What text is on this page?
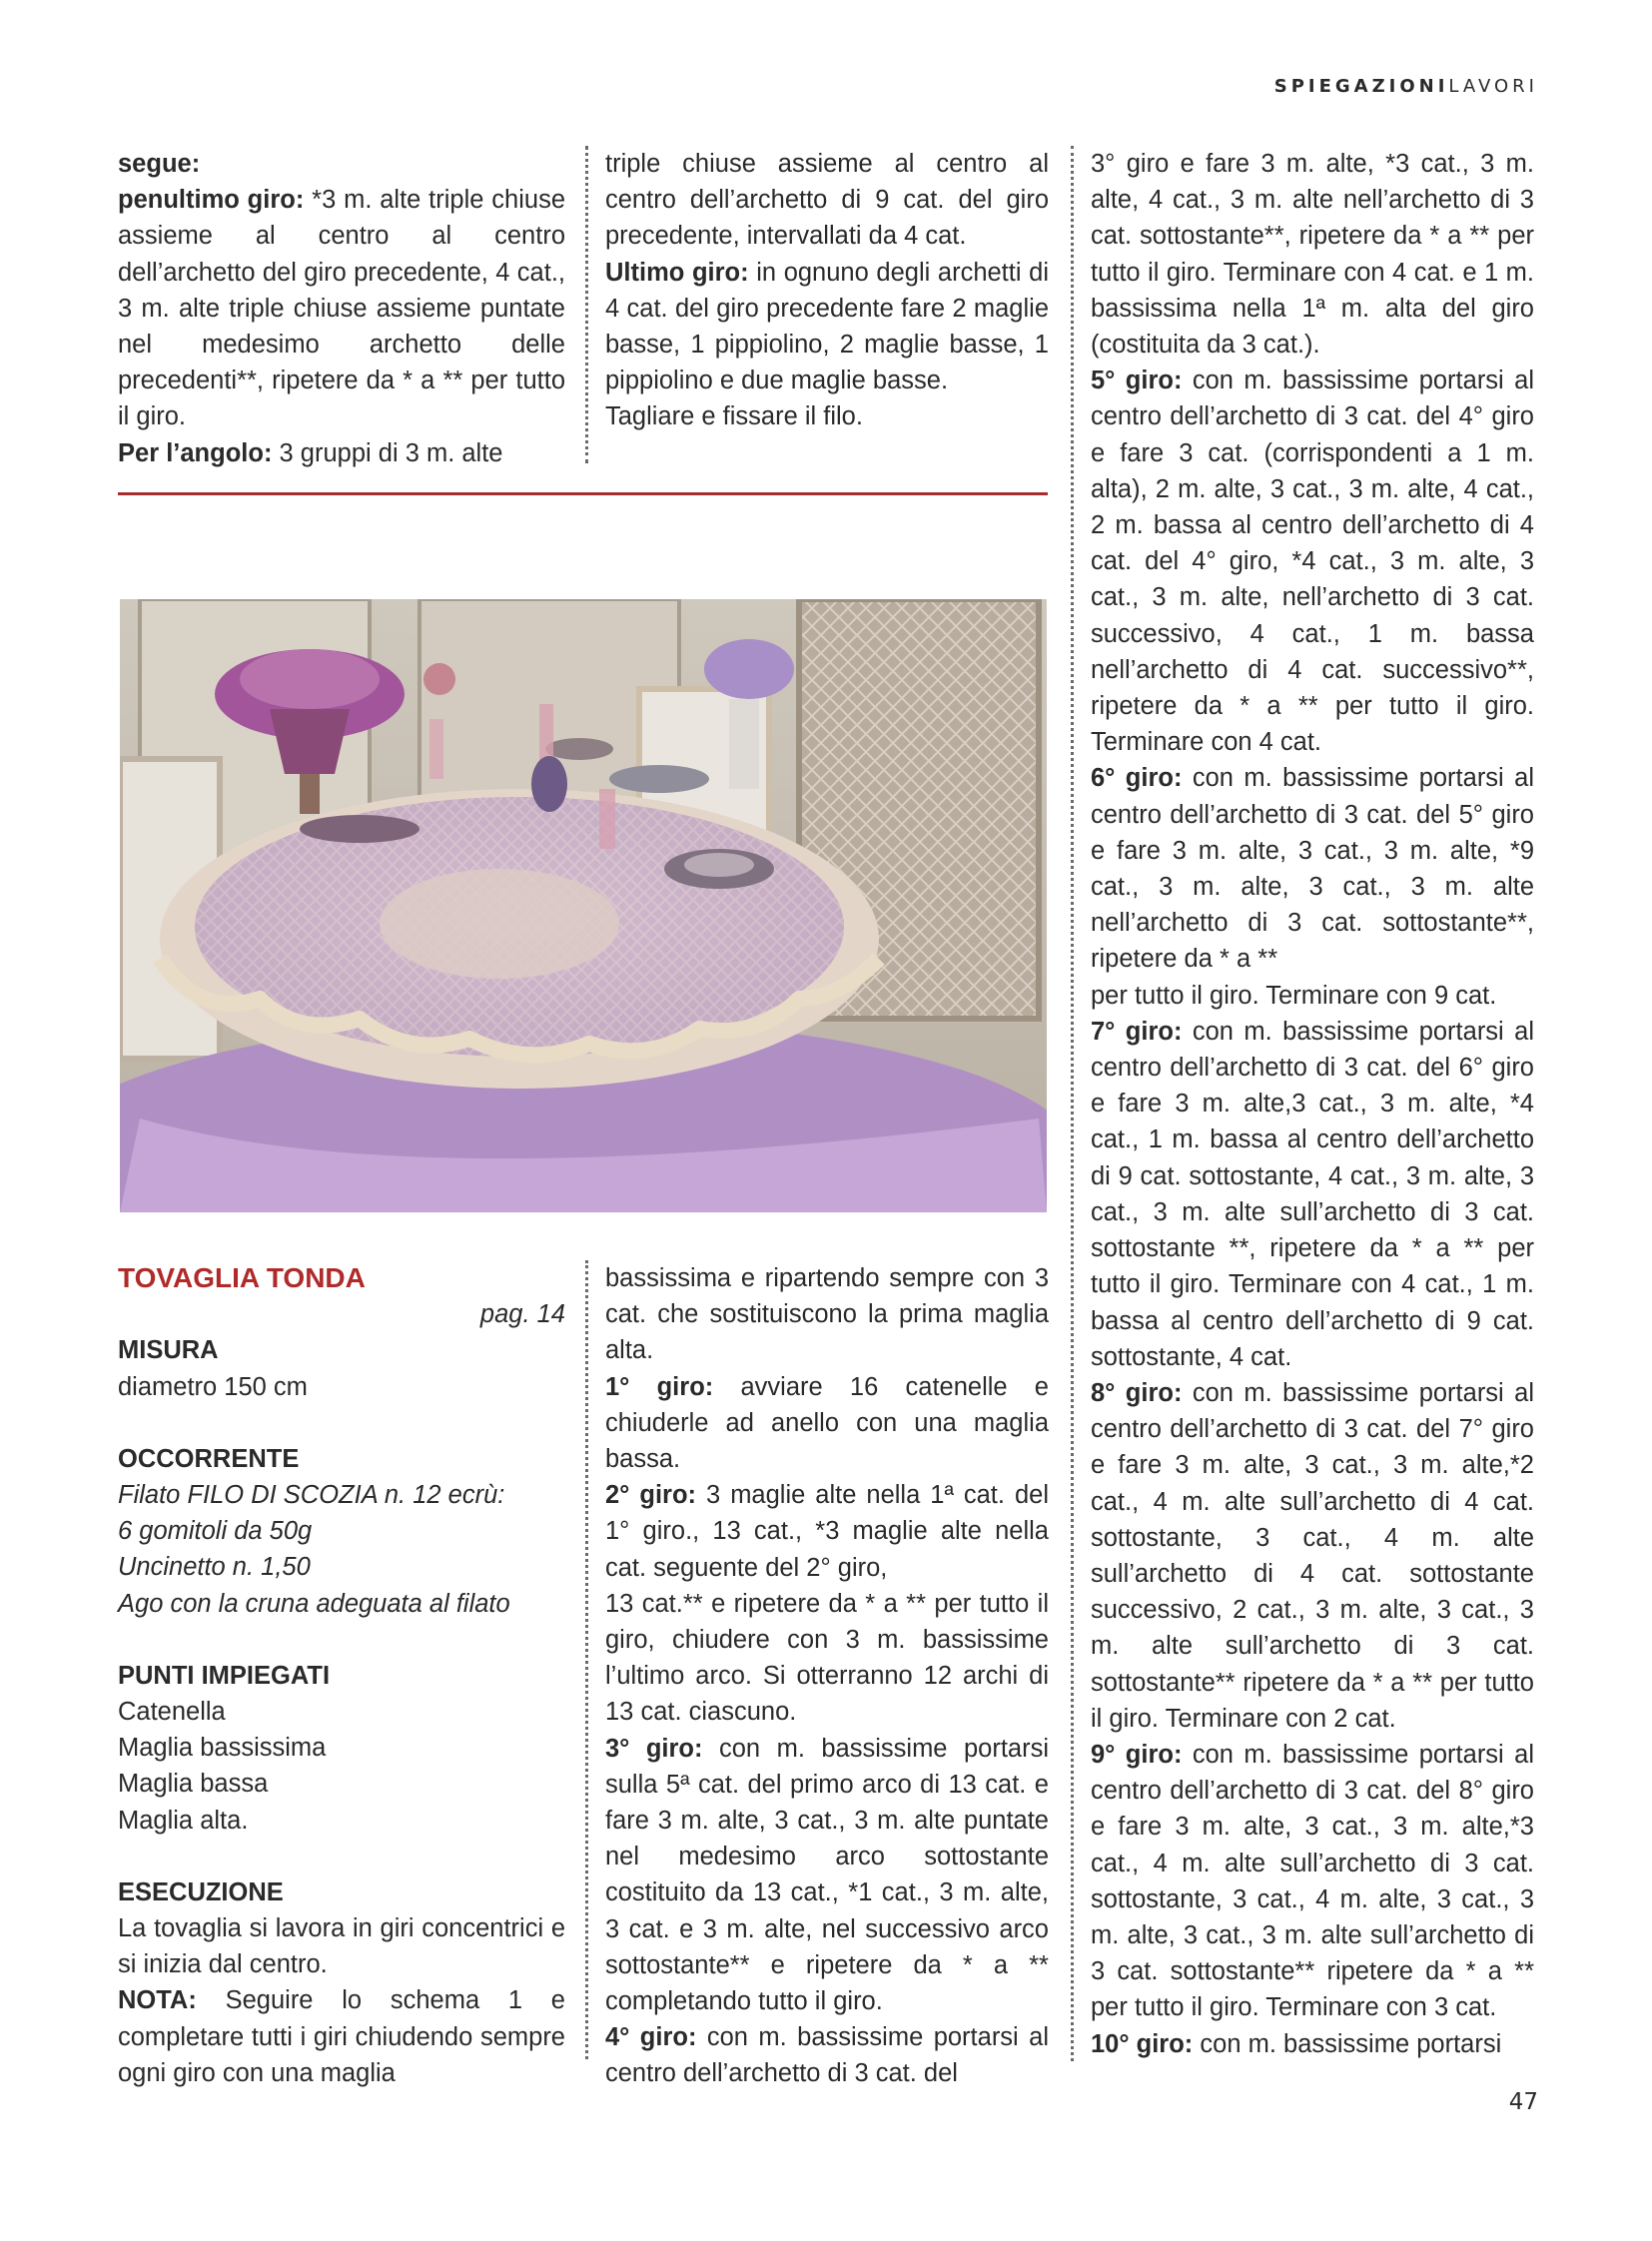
SPIEGAZIONILAVORI

segue:

penultimo giro: *3 m. alte triple chiuse assieme al centro al centro dell’archetto del giro precedente, 4 cat., 3 m. alte triple chiuse assieme puntate nel medesimo archetto delle precedenti**, ripetere da * a ** per tutto il giro.

Per l’angolo: 3 gruppi di 3 m. alte

triple chiuse assieme al centro al centro dell’archetto di 9 cat. del giro precedente, intervallati da 4 cat.

Ultimo giro: in ognuno degli archetti di 4 cat. del giro precedente fare 2 maglie basse, 1 pippiolino, 2 maglie basse, 1 pippiolino e due maglie basse.

Tagliare e fissare il filo.

TOVAGLIA TONDA

pag. 14

MISURA

diametro 150 cm

OCCORRENTE

Filato FILO DI SCOZIA n. 12 ecrù:

6 gomitoli da 50g

Uncinetto n. 1,50

Ago con la cruna adeguata al filato

PUNTI IMPIEGATI

Catenella

Maglia bassissima

Maglia bassa

Maglia alta.

ESECUZIONE

La tovaglia si lavora in giri concentrici e si inizia dal centro.

NOTA: Seguire lo schema 1 e completare tutti i giri chiudendo sempre ogni giro con una maglia

bassissima e ripartendo sempre con 3 cat. che sostituiscono la prima maglia alta.

1° giro: avviare 16 catenelle e chiuderle ad anello con una maglia bassa.

2° giro: 3 maglie alte nella 1ª cat. del 1° giro., 13 cat., *3 maglie alte nella cat. seguente del 2° giro,

13 cat.** e ripetere da * a ** per tutto il giro, chiudere con 3 m. bassissime l’ultimo arco. Si otterranno 12 archi di 13 cat. ciascuno.

3° giro: con m. bassissime portarsi sulla 5ª cat. del primo arco di 13 cat. e fare 3 m. alte, 3 cat., 3 m. alte puntate nel medesimo arco sottostante costituito da 13 cat., *1 cat., 3 m. alte, 3 cat. e 3 m. alte, nel successivo arco sottostante** e ripetere da * a ** completando tutto il giro.

4° giro: con m. bassissime portarsi al centro dell’archetto di 3 cat. del

3° giro e fare 3 m. alte, *3 cat., 3 m. alte, 4 cat., 3 m. alte nell’archetto di 3 cat. sottostante**, ripetere da * a ** per tutto il giro. Terminare con 4 cat. e 1 m. bassissima nella 1ª m. alta del giro (costituita da 3 cat.).

5° giro: con m. bassissime portarsi al centro dell’archetto di 3 cat. del 4° giro e fare 3 cat. (corrispondenti a 1 m. alta), 2 m. alte, 3 cat., 3 m. alte, 4 cat., 2 m. bassa al centro dell’archetto di 4 cat. del 4° giro, *4 cat., 3 m. alte, 3 cat., 3 m. alte, nell’archetto di 3 cat. successivo, 4 cat., 1 m. bassa nell’archetto di 4 cat. successivo**, ripetere da * a ** per tutto il giro. Terminare con 4 cat.

6° giro: con m. bassissime portarsi al centro dell’archetto di 3 cat. del 5° giro e fare 3 m. alte, 3 cat., 3 m. alte, *9 cat., 3 m. alte, 3 cat., 3 m. alte nell’archetto di 3 cat. sottostante**, ripetere da * a **

per tutto il giro. Terminare con 9 cat.

7° giro: con m. bassissime portarsi al centro dell’archetto di 3 cat. del 6° giro e fare 3 m. alte,3 cat., 3 m. alte, *4 cat., 1 m. bassa al centro dell’archetto di 9 cat. sottostante, 4 cat., 3 m. alte, 3 cat., 3 m. alte sull’archetto di 3 cat. sottostante **, ripetere da * a ** per tutto il giro. Terminare con 4 cat., 1 m. bassa al centro dell’archetto di 9 cat. sottostante, 4 cat.

8° giro: con m. bassissime portarsi al centro dell’archetto di 3 cat. del 7° giro e fare 3 m. alte, 3 cat., 3 m. alte,*2 cat., 4 m. alte sull’archetto di 4 cat. sottostante, 3 cat., 4 m. alte sull’archetto di 4 cat. sottostante successivo, 2 cat., 3 m. alte, 3 cat., 3 m. alte sull’archetto di 3 cat. sottostante** ripetere da * a ** per tutto il giro. Terminare con 2 cat.

9° giro: con m. bassissime portarsi al centro dell’archetto di 3 cat. del 8° giro e fare 3 m. alte, 3 cat., 3 m. alte,*3 cat., 4 m. alte sull’archetto di 3 cat. sottostante, 3 cat., 4 m. alte, 3 cat., 3 m. alte, 3 cat., 3 m. alte sull’archetto di 3 cat. sottostante** ripetere da * a ** per tutto il giro. Terminare con 3 cat.

10° giro: con m. bassissime portarsi

47
